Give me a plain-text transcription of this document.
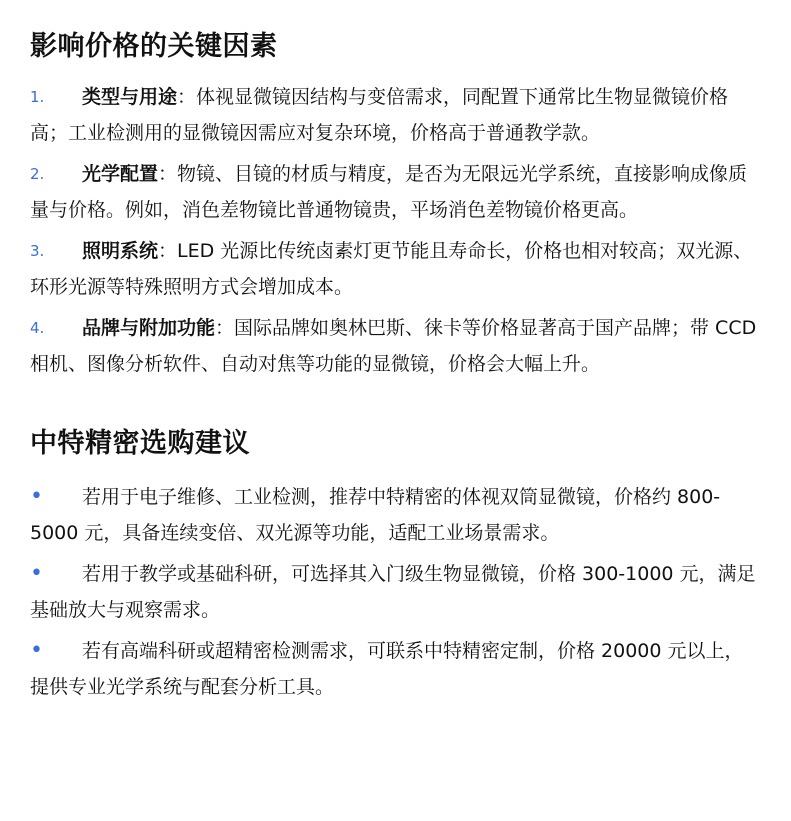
影响价格的关键因素
1. 类型与用途：体视显微镜因结构与变倍需求，同配置下通常比生物显微镜价格高；工业检测用的显微镜因需应对复杂环境，价格高于普通教学款。
2. 光学配置：物镜、目镜的材质与精度，是否为无限远光学系统，直接影响成像质量与价格。例如，消色差物镜比普通物镜贵，平场消色差物镜价格更高。
3. 照明系统：LED 光源比传统卤素灯更节能且寿命长，价格也相对较高；双光源、环形光源等特殊照明方式会增加成本。
4. 品牌与附加功能：国际品牌如奥林巴斯、徕卡等价格显著高于国产品牌；带 CCD 相机、图像分析软件、自动对焦等功能的显微镜，价格会大幅上升。
中特精密选购建议
• 若用于电子维修、工业检测，推荐中特精密的体视双筒显微镜，价格约 800-5000 元，具备连续变倍、双光源等功能，适配工业场景需求。
• 若用于教学或基础科研，可选择其入门级生物显微镜，价格 300-1000 元，满足基础放大与观察需求。
• 若有高端科研或超精密检测需求，可联系中特精密定制，价格 20000 元以上，提供专业光学系统与配套分析工具。
